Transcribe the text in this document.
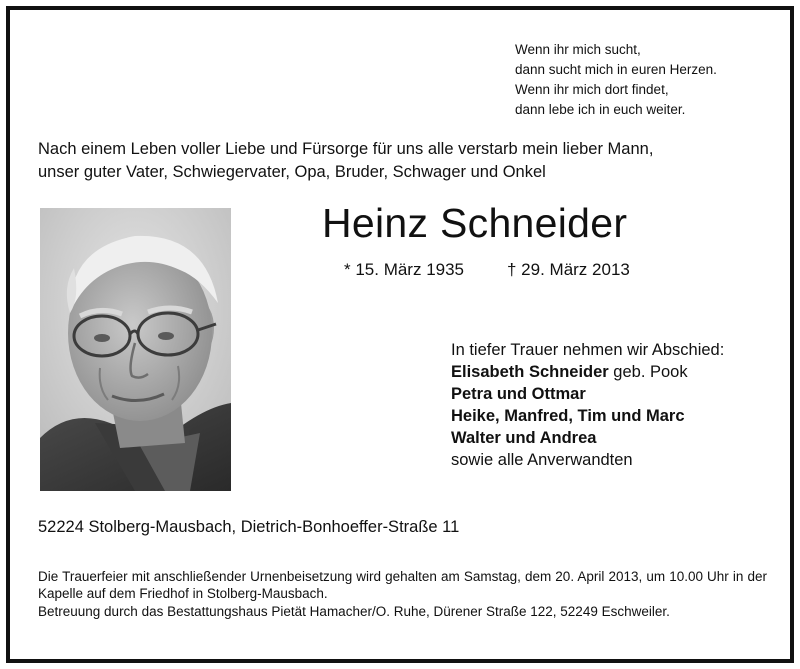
Wenn ihr mich sucht,
dann sucht mich in euren Herzen.
Wenn ihr mich dort findet,
dann lebe ich in euch weiter.
Nach einem Leben voller Liebe und Fürsorge für uns alle verstarb mein lieber Mann,
unser guter Vater, Schwiegervater, Opa, Bruder, Schwager und Onkel
Heinz Schneider
* 15. März 1935	† 29. März 2013
In tiefer Trauer nehmen wir Abschied:
Elisabeth Schneider geb. Pook
Petra und Ottmar
Heike, Manfred, Tim und Marc
Walter und Andrea
sowie alle Anverwandten
52224 Stolberg-Mausbach, Dietrich-Bonhoeffer-Straße 11

Die Trauerfeier mit anschließender Urnenbeisetzung wird gehalten am Samstag, dem 20. April 2013, um 10.00 Uhr in der Kapelle auf dem Friedhof in Stolberg-Mausbach.

Betreuung durch das Bestattungshaus Pietät Hamacher/O. Ruhe, Dürener Straße 122, 52249 Eschweiler.
